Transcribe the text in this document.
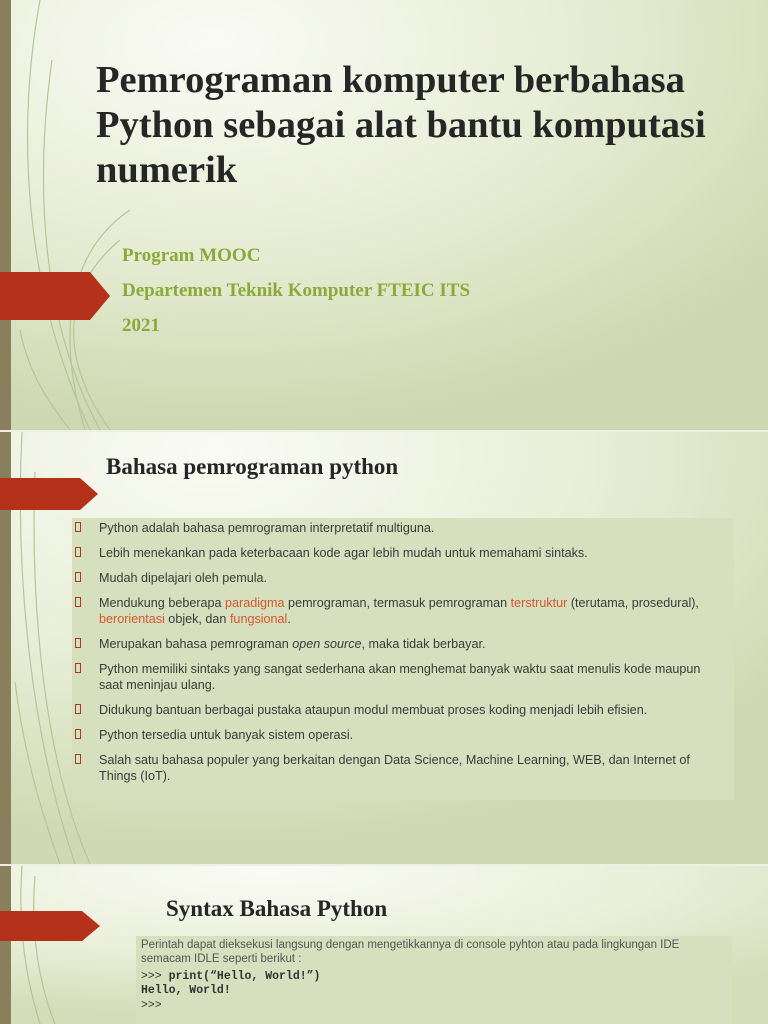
Pemrograman komputer berbahasa Python sebagai alat bantu komputasi numerik

Program MOOC

Departemen Teknik Komputer FTEIC ITS

2021

Bahasa pemrograman python
Python adalah bahasa pemrograman interpretatif multiguna.
Lebih menekankan pada keterbacaan kode agar lebih mudah untuk memahami sintaks.
Mudah dipelajari oleh pemula.
Mendukung beberapa paradigma pemrograman, termasuk pemrograman terstruktur (terutama, prosedural), berorientasi objek, dan fungsional.
Merupakan bahasa pemrograman open source, maka tidak berbayar.
Python memiliki sintaks yang sangat sederhana akan menghemat banyak waktu saat menulis kode maupun saat meninjau ulang.
Didukung bantuan berbagai pustaka ataupun modul membuat proses koding menjadi lebih efisien.
Python tersedia untuk banyak sistem operasi.
Salah satu bahasa populer yang berkaitan dengan Data Science, Machine Learning, WEB, dan Internet of Things (IoT).
Syntax Bahasa Python

Perintah dapat dieksekusi langsung dengan mengetikkannya di console pyhton atau pada lingkungan IDE semacam IDLE seperti berikut :

>>> print(“Hello, World!”)

Hello, World!

>>>
